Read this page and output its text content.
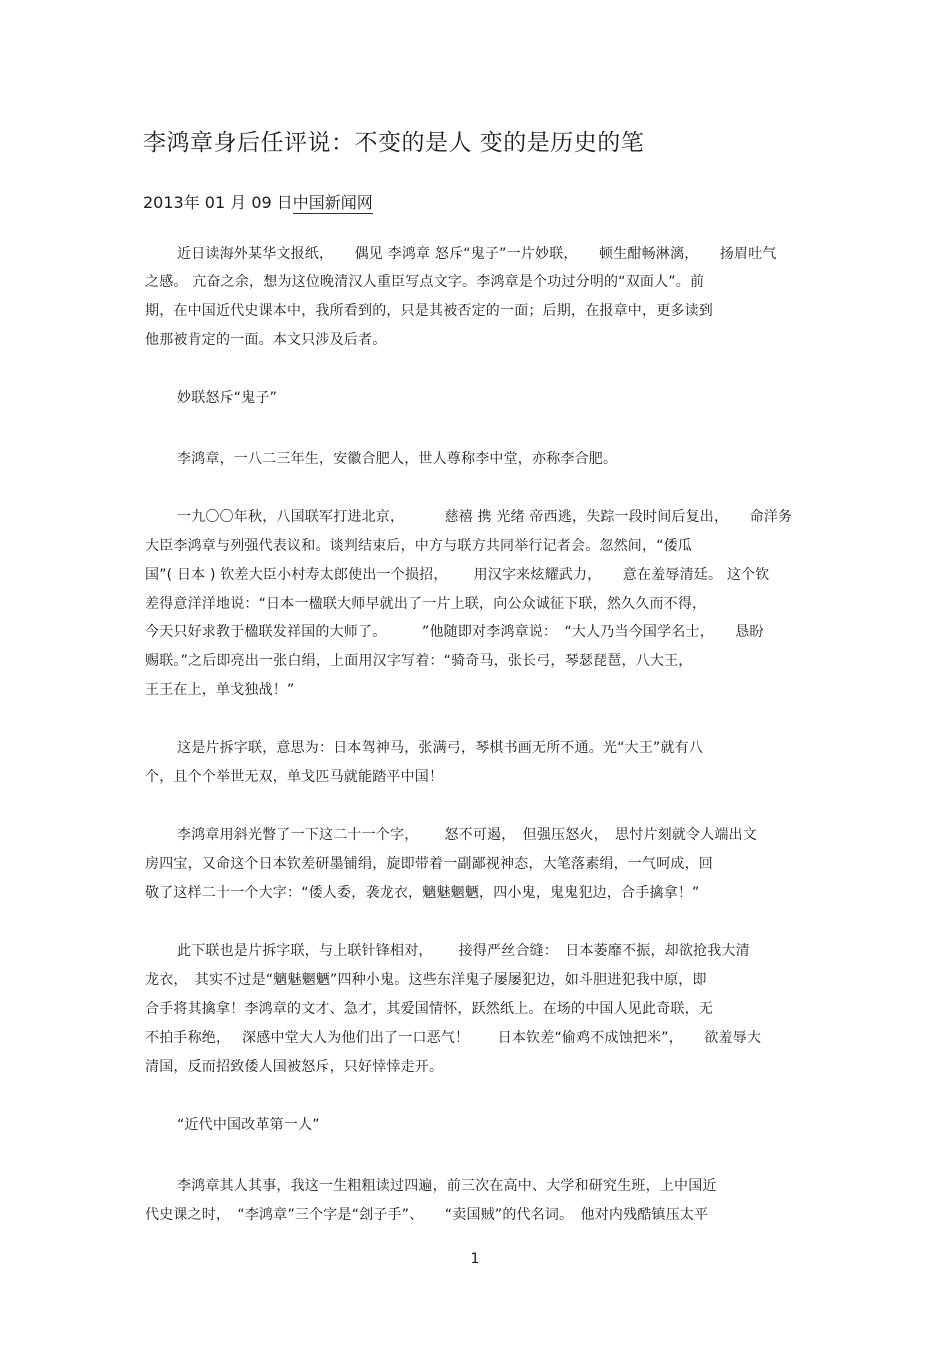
李鸿章身后任评说：不变的是人 变的是历史的笔
2013年 01 月 09 日中国新闻网
近日读海外某华文报纸，　　偶见 李鸿章 怒斥“鬼子”一片妙联，　　顿生酣畅淋漓，　　扬眉吐气
之感。 亢奋之余，想为这位晚清汉人重臣写点文字。李鸿章是个功过分明的“双面人”。前
期，在中国近代史课本中，我所看到的，只是其被否定的一面；后期，在报章中，更多读到
他那被肯定的一面。本文只涉及后者。
妙联怒斥“鬼子”
李鸿章，一八二三年生，安徽合肥人，世人尊称李中堂，亦称李合肥。
一九〇〇年秋，八国联军打进北京，　　　 慈禧 携 光绪 帝西逃，失踪一段时间后复出，　　命洋务
大臣李鸿章与列强代表议和。谈判结束后，中方与联方共同举行记者会。忽然间，“倭瓜
国”( 日本 ) 钦差大臣小村寿太郎使出一个损招，　　 用汉字来炫耀武力，　　意在羞辱清廷。 这个钦
差得意洋洋地说：“日本一楹联大师早就出了一片上联，向公众诚征下联，然久久而不得，
今天只好求教于楹联发祥国的大师了。　　　”他随即对李鸿章说：　“大人乃当今国学名士，　　恳盼
赐联。”之后即亮出一张白绢，上面用汉字写着：“骑奇马，张长弓，琴瑟琵琶，八大王，
王王在上，单戈独战！”
这是片拆字联，意思为：日本驾神马，张满弓，琴棋书画无所不通。光“大王”就有八
个，且个个举世无双，单戈匹马就能踏平中国！
李鸿章用斜光瞥了一下这二十一个字，　　 怒不可遏，　但强压怒火，　思忖片刻就令人端出文
房四宝，又命这个日本钦差研墨铺绢，旋即带着一副鄙视神态，大笔落素绢，一气呵成，回
敬了这样二十一个大字：“倭人委，袭龙衣，魑魅魍魉，四小鬼，鬼鬼犯边，合手擒拿！”
此下联也是片拆字联，与上联针锋相对，　　 接得严丝合缝：　日本萎靡不振，却欲抢我大清
龙衣，　其实不过是“魑魅魍魉”四种小鬼。这些东洋鬼子屡屡犯边，如斗胆进犯我中原，即
合手将其擒拿！李鸿章的文才、急才，其爱国情怀，跃然纸上。在场的中国人见此奇联，无
不拍手称绝，　 深感中堂大人为他们出了一口恶气！　　日本钦差“偷鸡不成蚀把米”，　　欲羞辱大
清国，反而招致倭人国被怒斥，只好悻悻走开。
“近代中国改革第一人”
李鸿章其人其事，我这一生粗粗读过四遍，前三次在高中、大学和研究生班，上中国近
代史课之时，　“李鸿章”三个字是“刽子手”、　　“卖国贼”的代名词。　他对内残酷镇压太平
1
